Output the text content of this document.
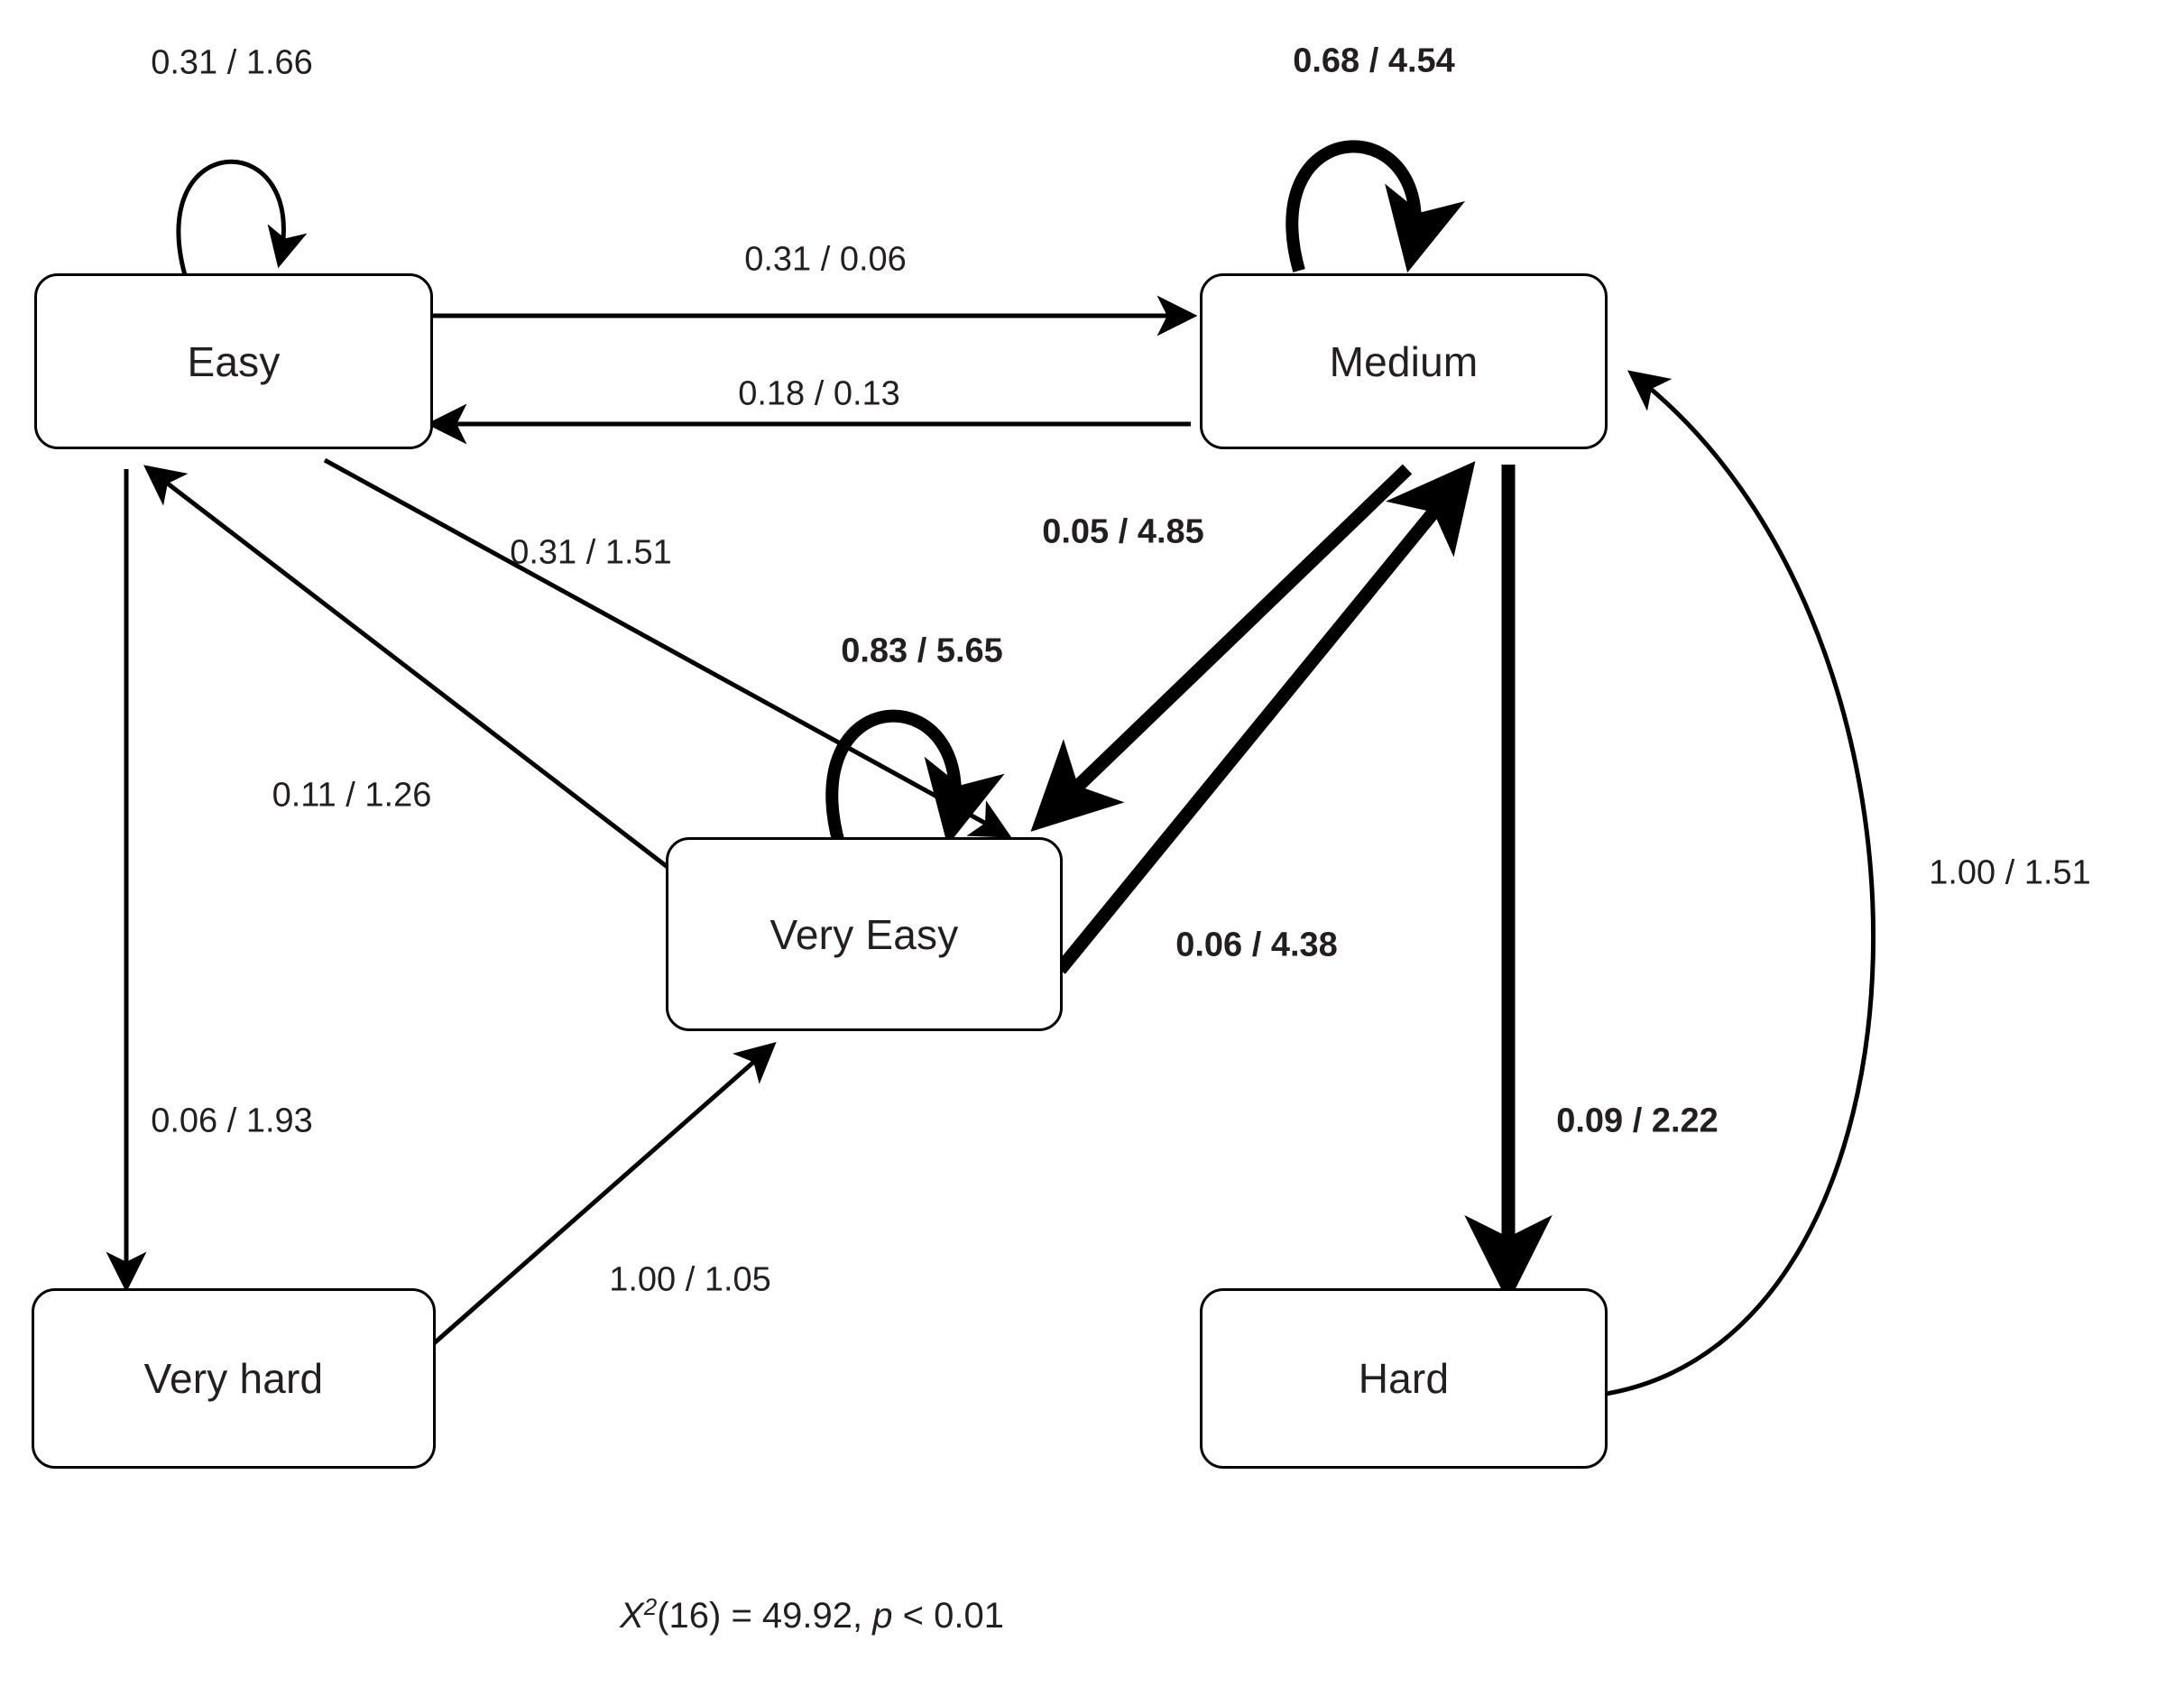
Easy	Medium
Very Easy
Very hard	Hard
0.31 / 1.66	0.68 / 4.54
0.83 / 5.65
0.31 / 0.06
0.18 / 0.13
0.31 / 1.51
0.11 / 1.26
0.05 / 4.85
0.06 / 4.38
0.09 / 2.22
1.00 / 1.51
0.06 / 1.93
1.00 / 1.05
$X^2(16) = 49.92$, p < 0.01
